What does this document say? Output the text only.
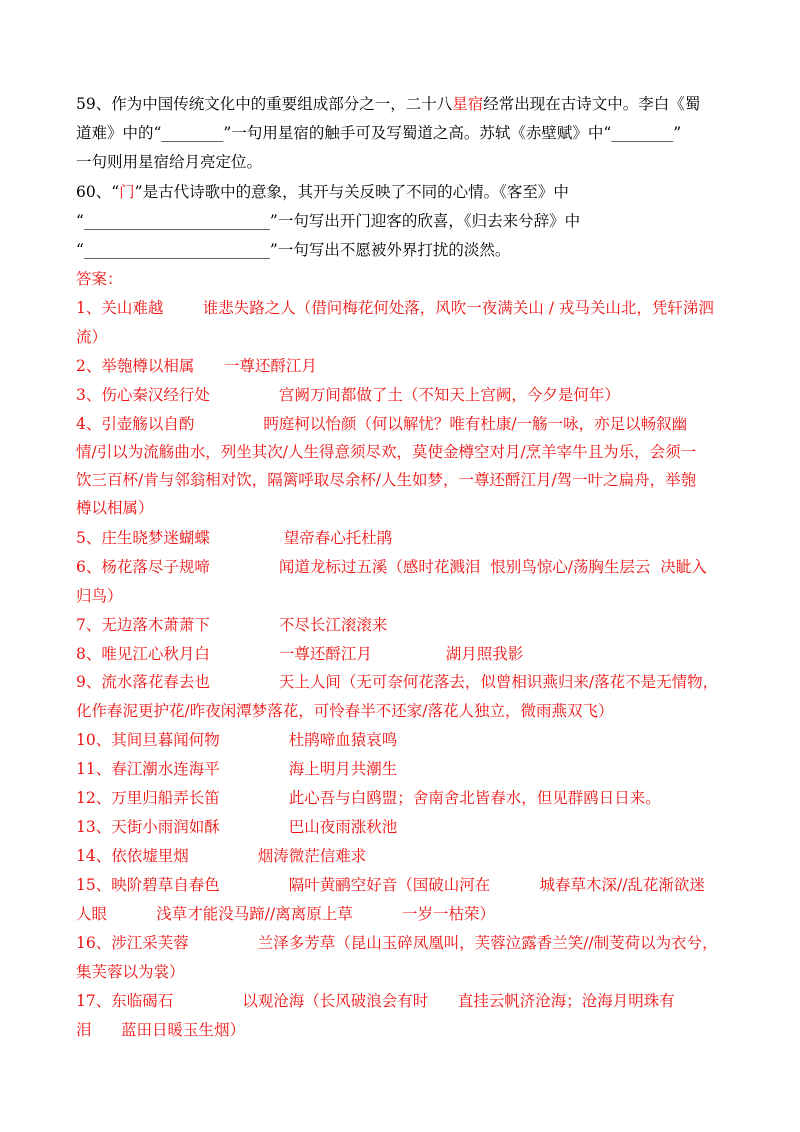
59、作为中国传统文化中的重要组成部分之一，二十八星宿经常出现在古诗文中。李白《蜀
道难》中的“________”一句用星宿的触手可及写蜀道之高。苏轼《赤壁赋》中“________”
一句则用星宿给月亮定位。
60、“门”是古代诗歌中的意象，其开与关反映了不同的心情。《客至》中
“________________________”一句写出开门迎客的欣喜，《归去来兮辞》中
“________________________”一句写出不愿被外界打扰的淡然。
答案：
1、关山难越        谁悲失路之人（借问梅花何处落，风吹一夜满关山 / 戎马关山北，凭轩涕泗
流）
2、举匏樽以相属      一尊还酹江月
3、伤心秦汉经行处              宫阙万间都做了土（不知天上宫阙，今夕是何年）
4、引壶觞以自酌              眄庭柯以怡颜（何以解忧？唯有杜康/一觞一咏，亦足以畅叙幽
情/引以为流觞曲水，列坐其次/人生得意须尽欢，莫使金樽空对月/烹羊宰牛且为乐，会须一
饮三百杯/肯与邻翁相对饮，隔篱呼取尽余杯/人生如梦，一尊还酹江月/驾一叶之扁舟，举匏
樽以相属）
5、庄生晓梦迷蝴蝶               望帝春心托杜鹃
6、杨花落尽子规啼              闻道龙标过五溪（感时花溅泪  恨别鸟惊心/荡胸生层云  决眦入
归鸟）
7、无边落木萧萧下              不尽长江滚滚来
8、唯见江心秋月白              一尊还酹江月               湖月照我影
9、流水落花春去也              天上人间（无可奈何花落去，似曾相识燕归来/落花不是无情物，
化作春泥更护花/昨夜闲潭梦落花，可怜春半不还家/落花人独立，微雨燕双飞）
10、其间旦暮闻何物              杜鹃啼血猿哀鸣
11、春江潮水连海平              海上明月共潮生
12、万里归船弄长笛              此心吾与白鸥盟；舍南舍北皆春水，但见群鸥日日来。
13、天街小雨润如酥              巴山夜雨涨秋池
14、依依墟里烟              烟涛微茫信难求
15、映阶碧草自春色              隔叶黄鹂空好音（国破山河在          城春草木深//乱花渐欲迷
人眼          浅草才能没马蹄//离离原上草          一岁一枯荣）
16、涉江采芙蓉              兰泽多芳草（昆山玉碎凤凰叫，芙蓉泣露香兰笑//制芰荷以为衣兮，
集芙蓉以为裳）
17、东临碣石              以观沧海（长风破浪会有时      直挂云帆济沧海；沧海月明珠有
泪      蓝田日暖玉生烟）
